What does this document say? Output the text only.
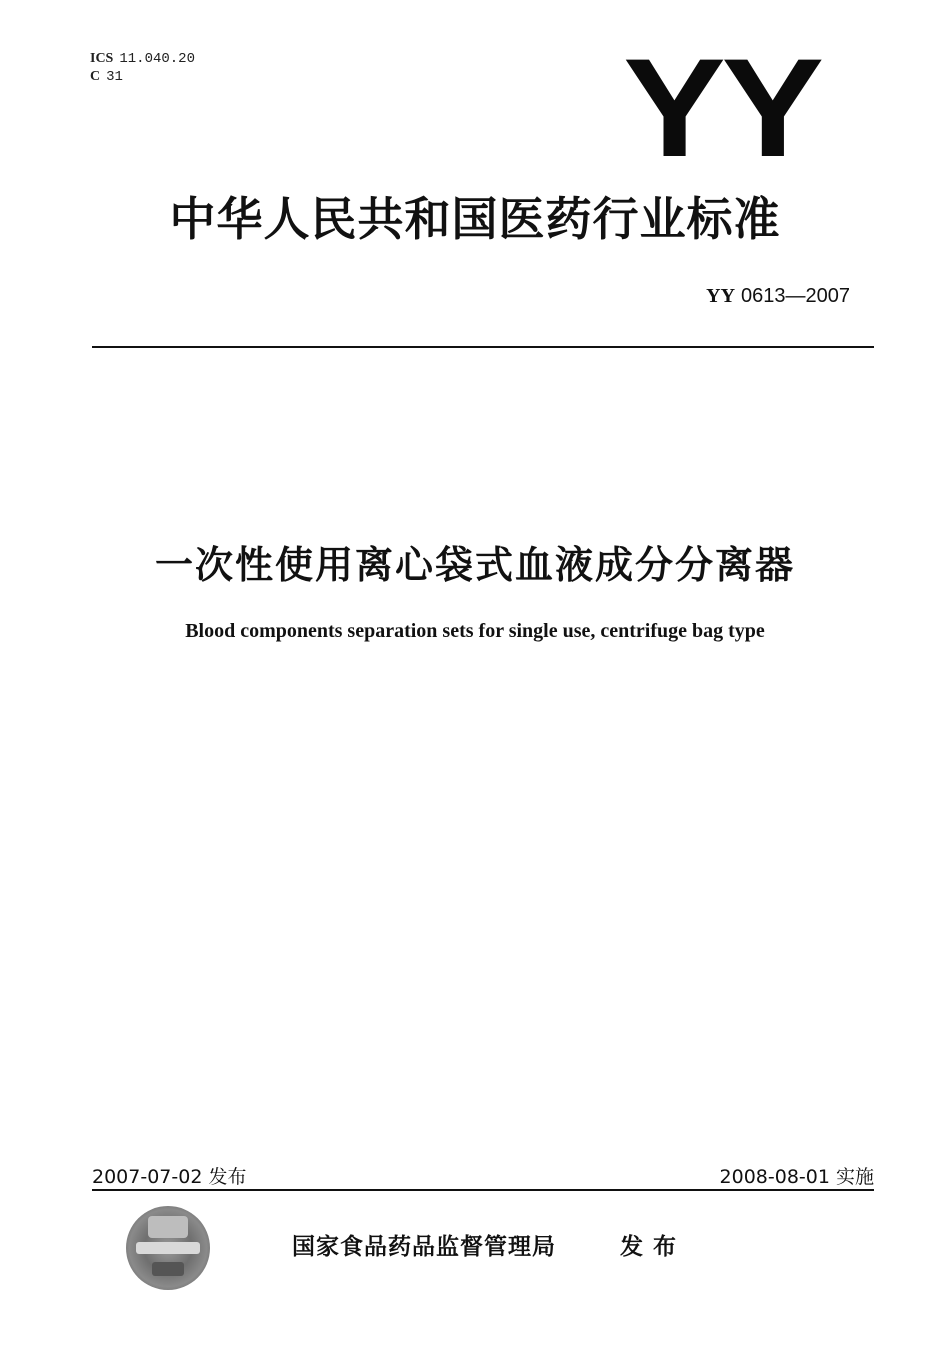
ICS 11.040.20
C 31	YY
中华人民共和国医药行业标准
YY 0613—2007
一次性使用离心袋式血液成分分离器
Blood components separation sets for single use, centrifuge bag type
2007-07-02 发布	2008-08-01 实施
国家食品药品监督管理局	发布
